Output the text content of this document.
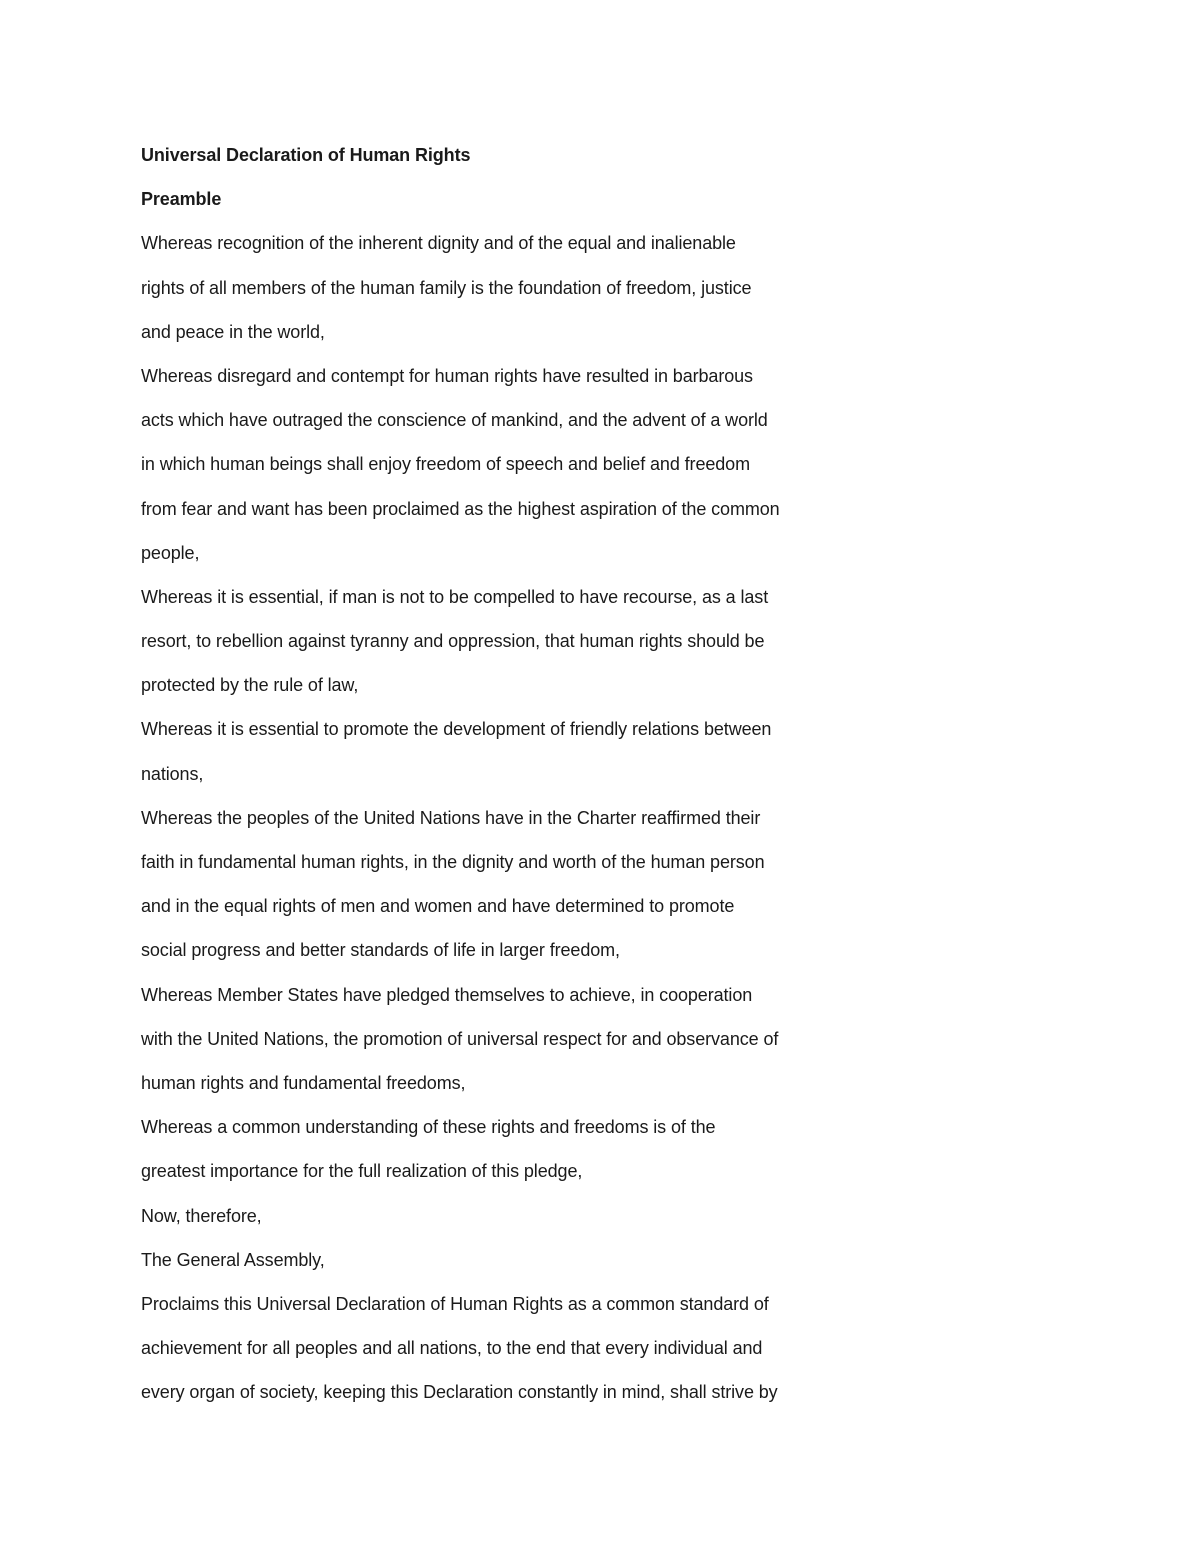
Universal Declaration of Human Rights
Preamble
Whereas recognition of the inherent dignity and of the equal and inalienable
rights of all members of the human family is the foundation of freedom, justice
and peace in the world,
Whereas disregard and contempt for human rights have resulted in barbarous
acts which have outraged the conscience of mankind, and the advent of a world
in which human beings shall enjoy freedom of speech and belief and freedom
from fear and want has been proclaimed as the highest aspiration of the common
people,
Whereas it is essential, if man is not to be compelled to have recourse, as a last
resort, to rebellion against tyranny and oppression, that human rights should be
protected by the rule of law,
Whereas it is essential to promote the development of friendly relations between
nations,
Whereas the peoples of the United Nations have in the Charter reaffirmed their
faith in fundamental human rights, in the dignity and worth of the human person
and in the equal rights of men and women and have determined to promote
social progress and better standards of life in larger freedom,
Whereas Member States have pledged themselves to achieve, in cooperation
with the United Nations, the promotion of universal respect for and observance of
human rights and fundamental freedoms,
Whereas a common understanding of these rights and freedoms is of the
greatest importance for the full realization of this pledge,
Now, therefore,
The General Assembly,
Proclaims this Universal Declaration of Human Rights as a common standard of
achievement for all peoples and all nations, to the end that every individual and
every organ of society, keeping this Declaration constantly in mind, shall strive by
